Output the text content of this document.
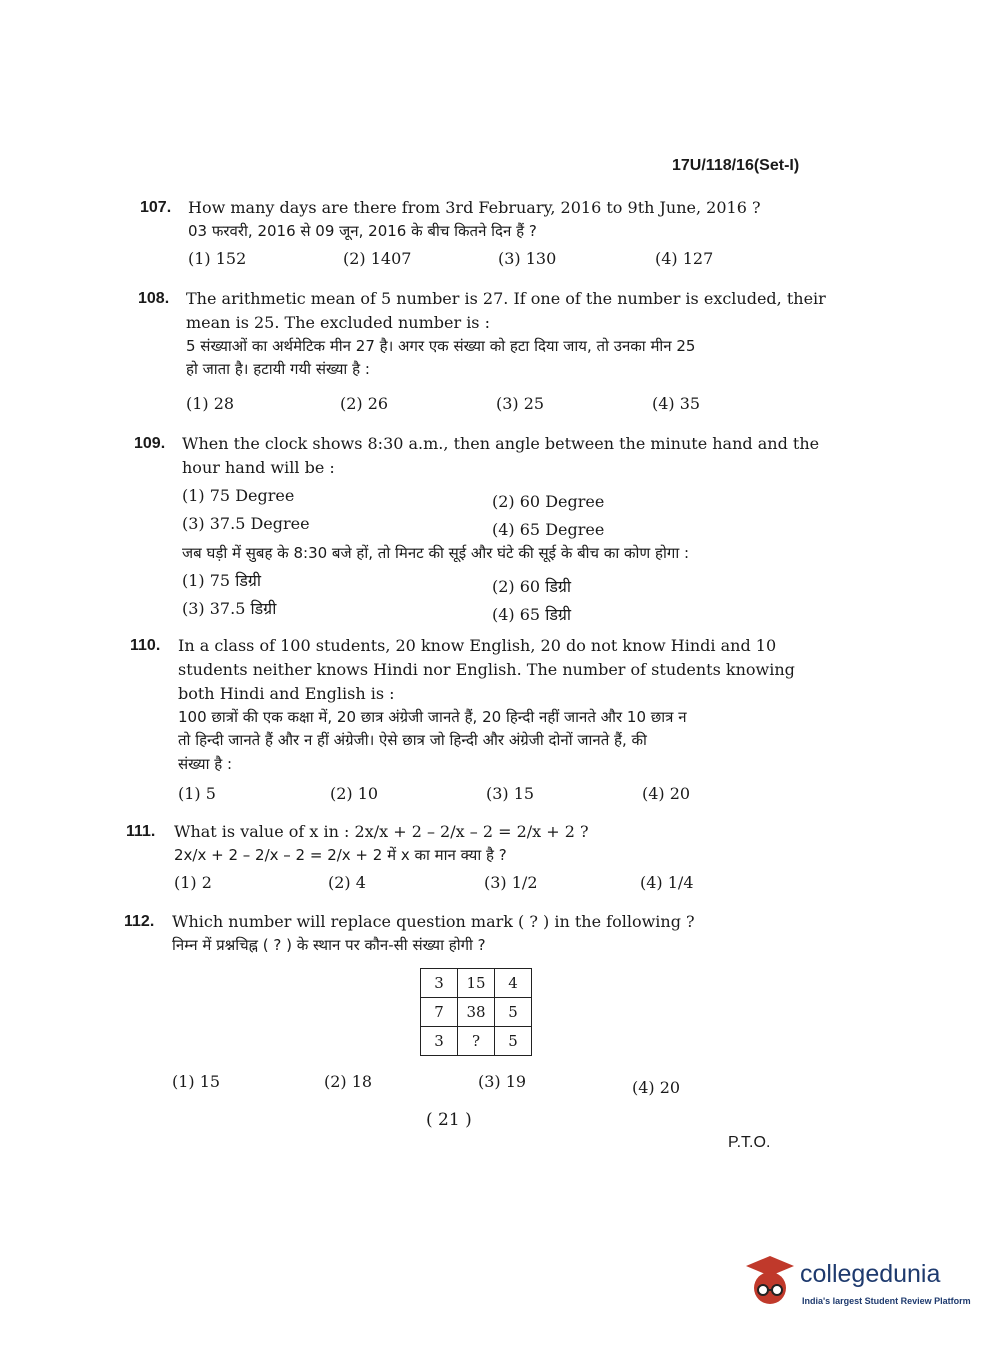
17U/118/16(Set-I)
107. How many days are there from 3rd February, 2016 to 9th June, 2016 ?
03 फरवरी, 2016 से 09 जून, 2016 के बीच कितने दिन हैं ?
(1) 152	(2) 1407	(3) 130	(4) 127
108. The arithmetic mean of 5 number is 27. If one of the number is excluded, their
mean is 25. The excluded number is :
5 संख्याओं का अर्थमेटिक मीन 27 है। अगर एक संख्या को हटा दिया जाय, तो उनका मीन 25
हो जाता है। हटायी गयी संख्या है :
(1) 28	(2) 26	(3) 25	(4) 35
109. When the clock shows 8:30 a.m., then angle between the minute hand and the
hour hand will be :
(1) 75 Degree	(2) 60 Degree
(3) 37.5 Degree	(4) 65 Degree
जब घड़ी में सुबह के 8:30 बजे हों, तो मिनट की सूई और घंटे की सूई के बीच का कोण होगा :
(1) 75 डिग्री	(2) 60 डिग्री
(3) 37.5 डिग्री	(4) 65 डिग्री
110. In a class of 100 students, 20 know English, 20 do not know Hindi and 10
students neither knows Hindi nor English. The number of students knowing
both Hindi and English is :
100 छात्रों की एक कक्षा में, 20 छात्र अंग्रेजी जानते हैं, 20 हिन्दी नहीं जानते और 10 छात्र न
तो हिन्दी जानते हैं और न हीं अंग्रेजी। ऐसे छात्र जो हिन्दी और अंग्रेजी दोनों जानते हैं, की
संख्या है :
(1) 5	(2) 10	(3) 15	(4) 20
111. What is value of x in : 2x/x + 2 – 2/x – 2 = 2/x + 2 ?
2x/x + 2 – 2/x – 2 = 2/x + 2 में x का मान क्या है ?
(1) 2	(2) 4	(3) 1/2	(4) 1/4
112. Which number will replace question mark ( ? ) in the following ?
निम्न में प्रश्नचिह्न ( ? ) के स्थान पर कौन-सी संख्या होगी ?
3	15	4
7	38	5
3	?	5
(1) 15	(2) 18	(3) 19	(4) 20
( 21 )
P.T.O.
collegedunia
India's largest Student Review Platform
